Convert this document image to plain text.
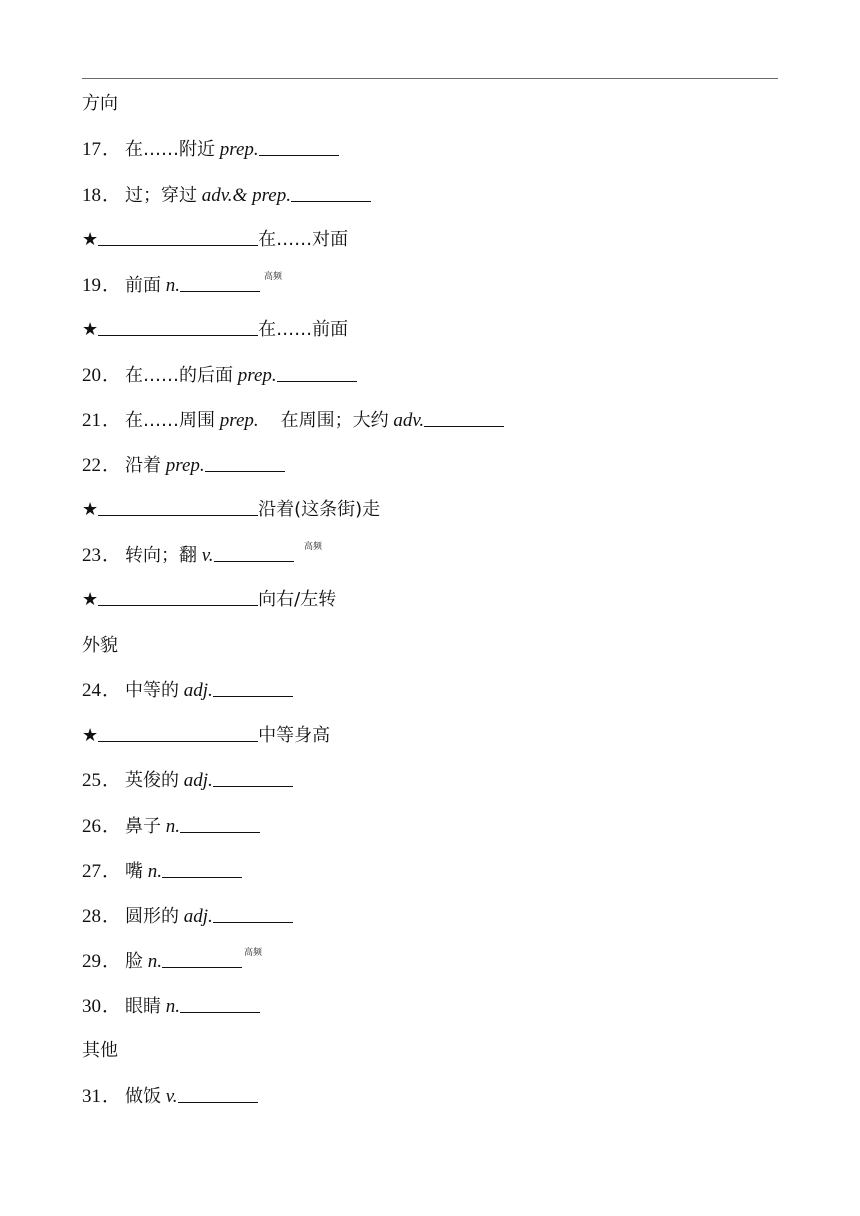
方向
17． 在……附近 prep.
18． 过；穿过 adv.& prep.
★	在……对面
19． 前面 n.	高频
★	在……前面
20． 在……的后面 prep.
21． 在……周围 prep. 在周围；大约 adv.
22． 沿着 prep.
★	沿着(这条街)走
23． 转向；翻 v.	高频
★	向右/左转
外貌
24． 中等的 adj.
★	中等身高
25． 英俊的 adj.
26． 鼻子 n.
27． 嘴 n.
28． 圆形的 adj.
29． 脸 n.	高频
30． 眼睛 n.
其他
31． 做饭 v.
